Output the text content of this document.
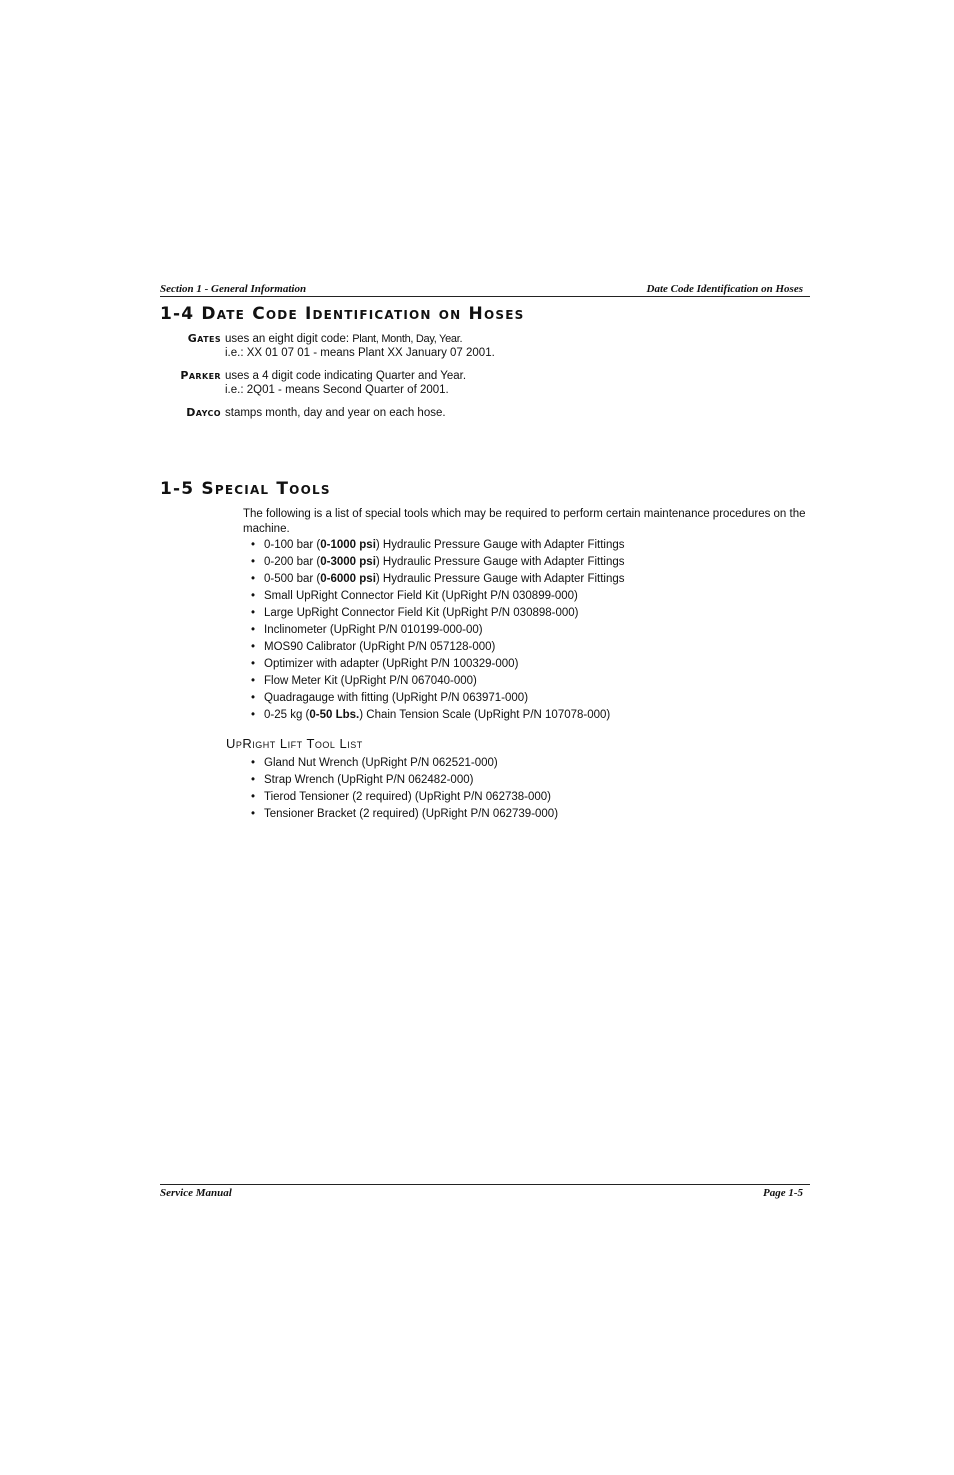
Section 1 - General Information	Date Code Identification on Hoses
1-4 Date Code Identification on Hoses
Gates uses an eight digit code: Plant, Month, Day, Year.
i.e.: XX 01 07 01 - means Plant XX January 07 2001.
Parker uses a 4 digit code indicating Quarter and Year.
i.e.: 2Q01 - means Second Quarter of 2001.
Dayco stamps month, day and year on each hose.
1-5 Special Tools

The following is a list of special tools which may be required to perform certain maintenance procedures on the machine.

• 0-100 bar (0-1000 psi) Hydraulic Pressure Gauge with Adapter Fittings
• 0-200 bar (0-3000 psi) Hydraulic Pressure Gauge with Adapter Fittings
• 0-500 bar (0-6000 psi) Hydraulic Pressure Gauge with Adapter Fittings
• Small UpRight Connector Field Kit (UpRight P/N 030899-000)
• Large UpRight Connector Field Kit (UpRight P/N 030898-000)
• Inclinometer (UpRight P/N 010199-000-00)
• MOS90 Calibrator (UpRight P/N 057128-000)
• Optimizer with adapter (UpRight P/N 100329-000)
• Flow Meter Kit (UpRight P/N 067040-000)
• Quadragauge with fitting (UpRight P/N 063971-000)
• 0-25 kg (0-50 Lbs.) Chain Tension Scale (UpRight P/N 107078-000)
UpRight Lift Tool List
• Gland Nut Wrench (UpRight P/N 062521-000)
• Strap Wrench (UpRight P/N 062482-000)
• Tierod Tensioner (2 required) (UpRight P/N 062738-000)
• Tensioner Bracket (2 required) (UpRight P/N 062739-000)
Service Manual	Page 1-5
